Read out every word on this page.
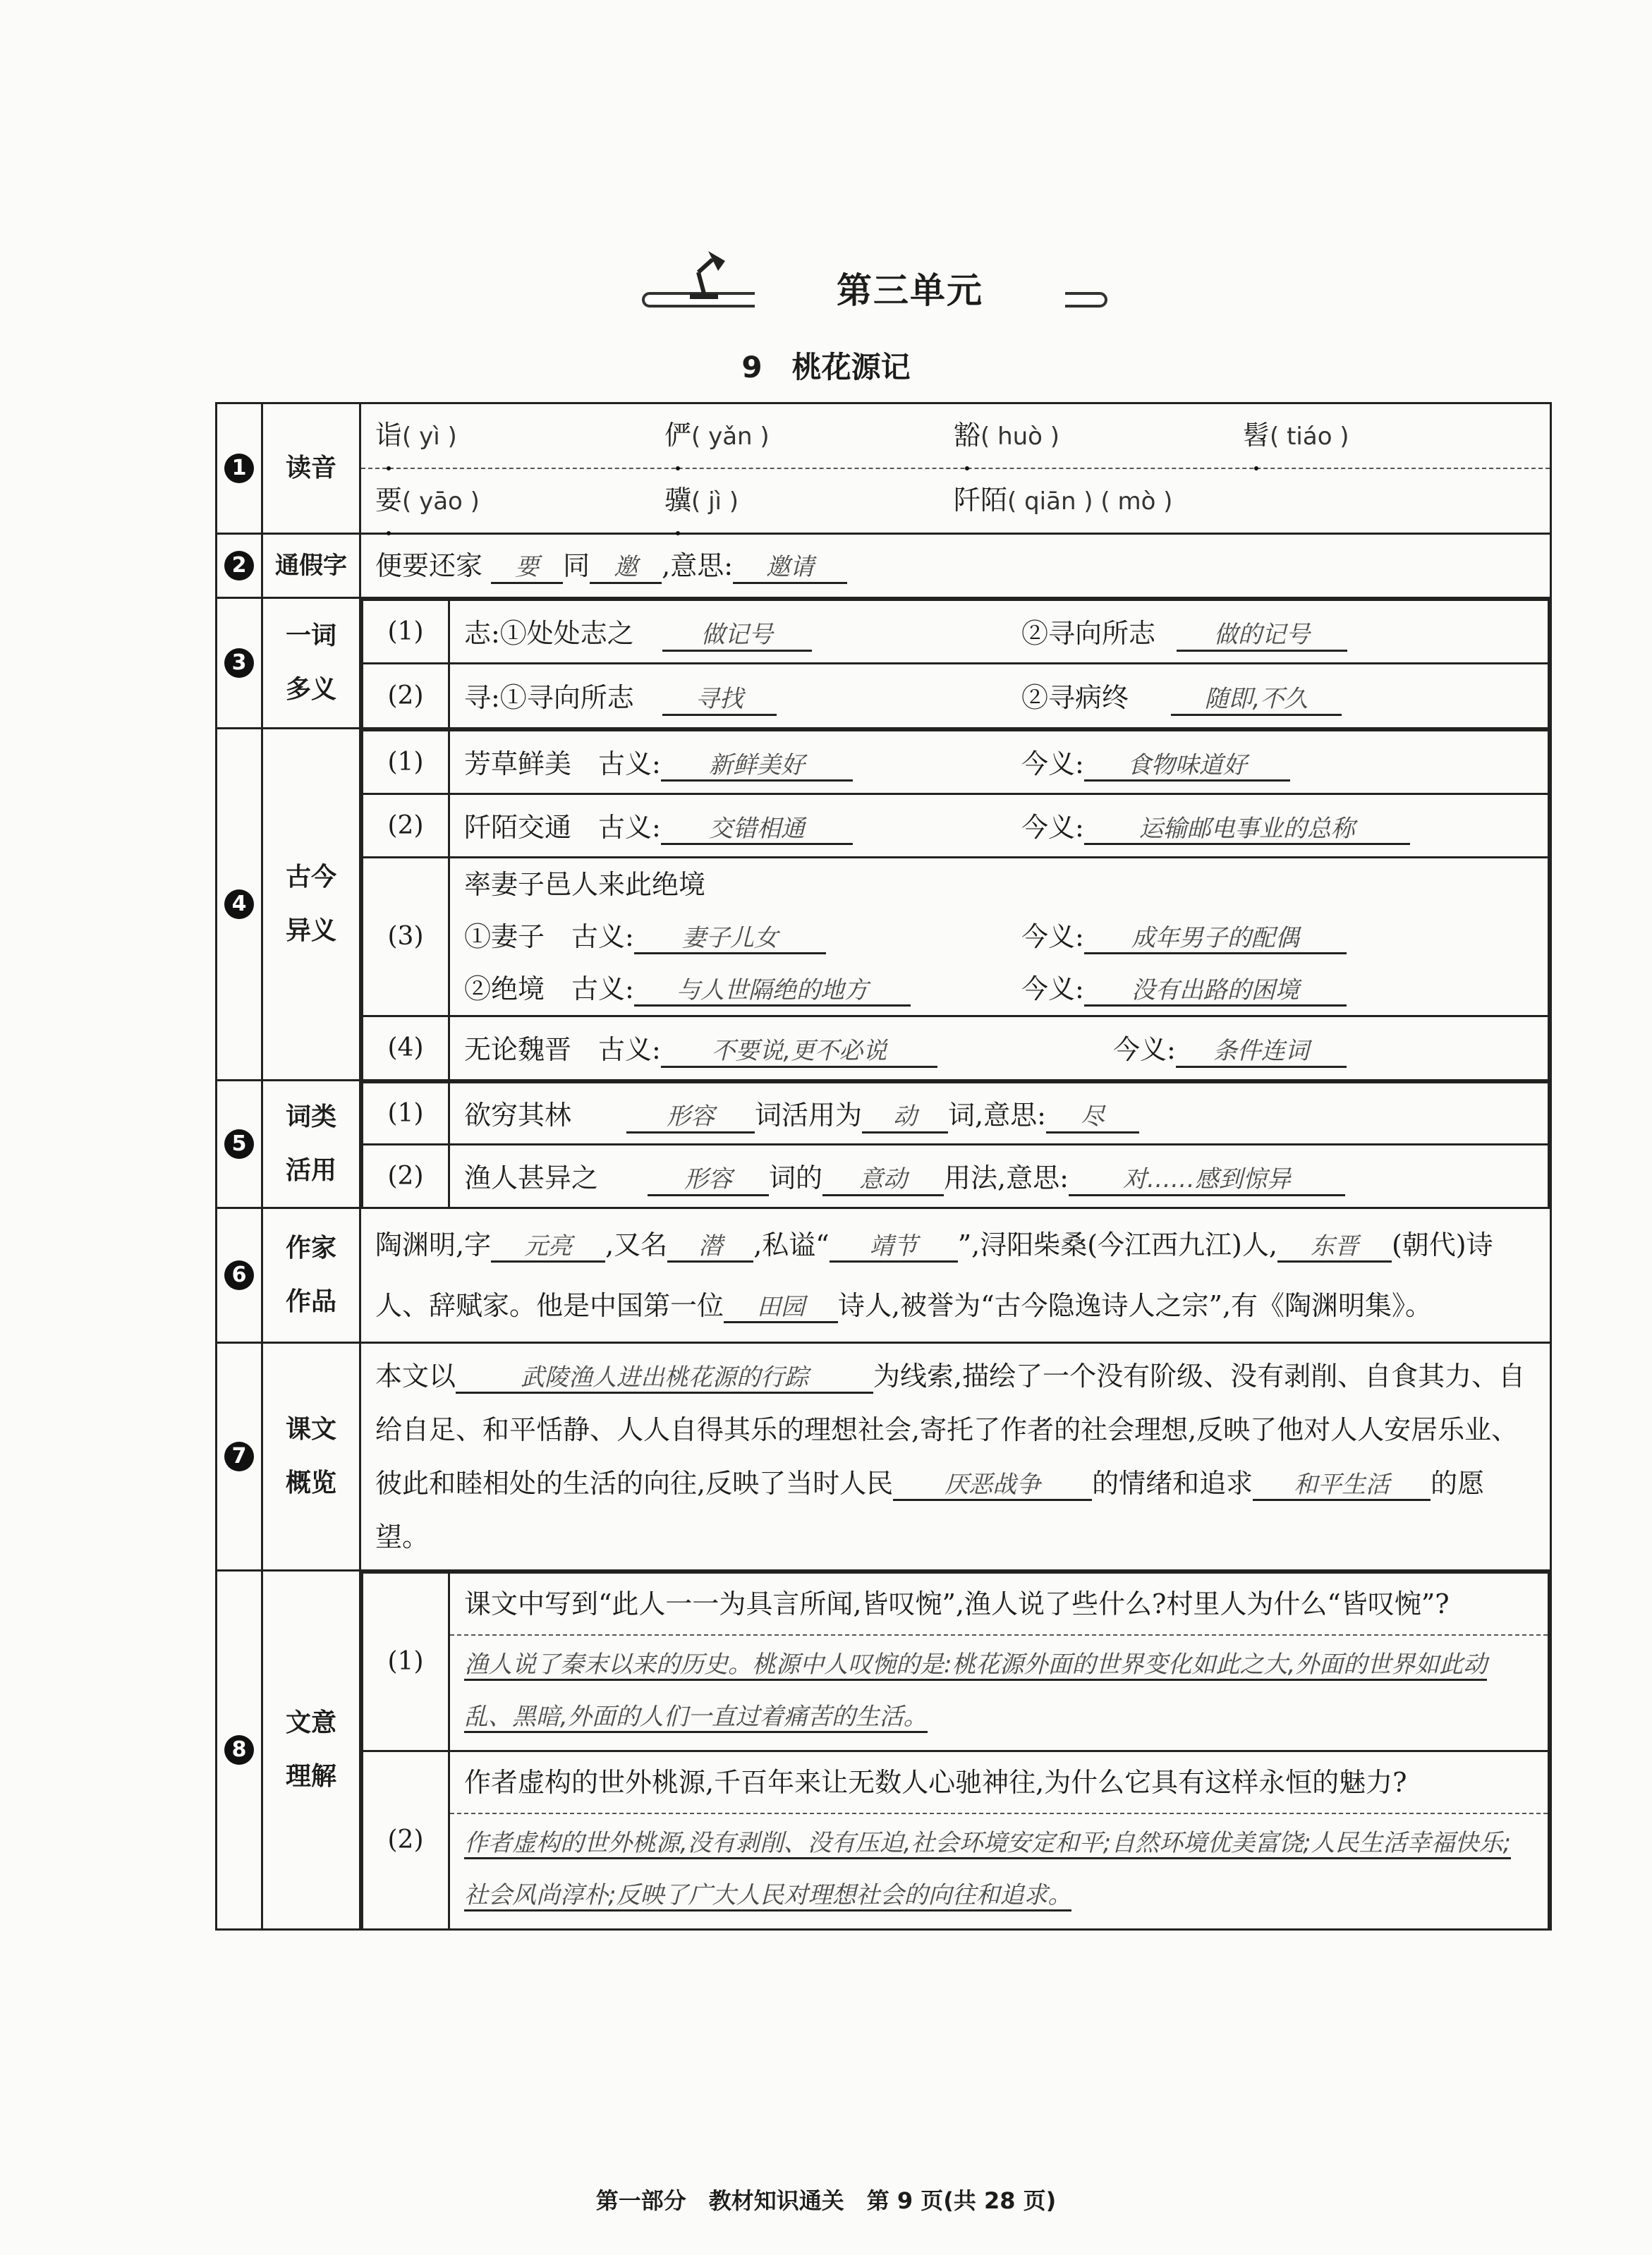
第三单元
9　桃花源记
1	读音	
诣( yì )	俨( yǎn )	豁( huò )	髫( tiáo )
要( yāo )	骥( jì )	阡陌( qiān ) ( mò )

2	通假字	便要还家 要 同 邀 ,意思: 邀请

3	一词
多义	
(1)	志:①处处志之	做记号	②寻向所志 做的记号
(2)	寻:①寻向所志	寻找	②寻病终	随即,不久

4	古今
异义	
(1)	芳草鲜美　 古义: 新鲜美好	今义: 食物味道好
(2)	阡陌交通　 古义: 交错相通	今义: 运输邮电事业的总称
(3)	
率妻子邑人来此绝境
①妻子　 古义: 妻子儿女	今义: 成年男子的配偶
②绝境　 古义: 与人世隔绝的地方	今义: 没有出路的困境

(4)	无论魏晋　 古义: 不要说,更不必说	今义: 条件连词

5	词类
活用	
(1)	欲穷其林	形容 词活用为 动 词,意思: 尽
(2)	渔人甚异之	形容 词的 意动 用法,意思: 对……感到惊异

6	作家
作品	
陶渊明,字 元亮 ,又名 潜 ,私谥“ 靖节 ”,浔阳柴桑(今江西九江)人, 东晋 (朝代)诗人、辞赋家。他是中国第一位 田园 诗人,被誉为“古今隐逸诗人之宗”,有《陶渊明集》。

7	课文
概览	
本文以	武陵渔人进出桃花源的行踪 为线索,描绘了一个没有阶级、没有剥削、自食其力、自给自足、和平恬静、人人自得其乐的理想社会,寄托了作者的社会理想,反映了他对人人安居乐业、彼此和睦相处的生活的向往,反映了当时人民 厌恶战争 的情绪和追求 和平生活 的愿望。

8	文意
理解	
(1)	
课文中写到“此人一一为具言所闻,皆叹惋”,渔人说了些什么?村里人为什么“皆叹惋”?
渔人说了秦末以来的历史。桃源中人叹惋的是:桃花源外面的世界变化如此之大,外面的世界如此动乱、黑暗,外面的人们一直过着痛苦的生活。

(2)	
作者虚构的世外桃源,千百年来让无数人心驰神往,为什么它具有这样永恒的魅力?
作者虚构的世外桃源,没有剥削、没有压迫,社会环境安定和平;自然环境优美富饶;人民生活幸福快乐;社会风尚淳朴;反映了广大人民对理想社会的向往和追求。
第一部分　教材知识通关　第 9 页(共 28 页)
